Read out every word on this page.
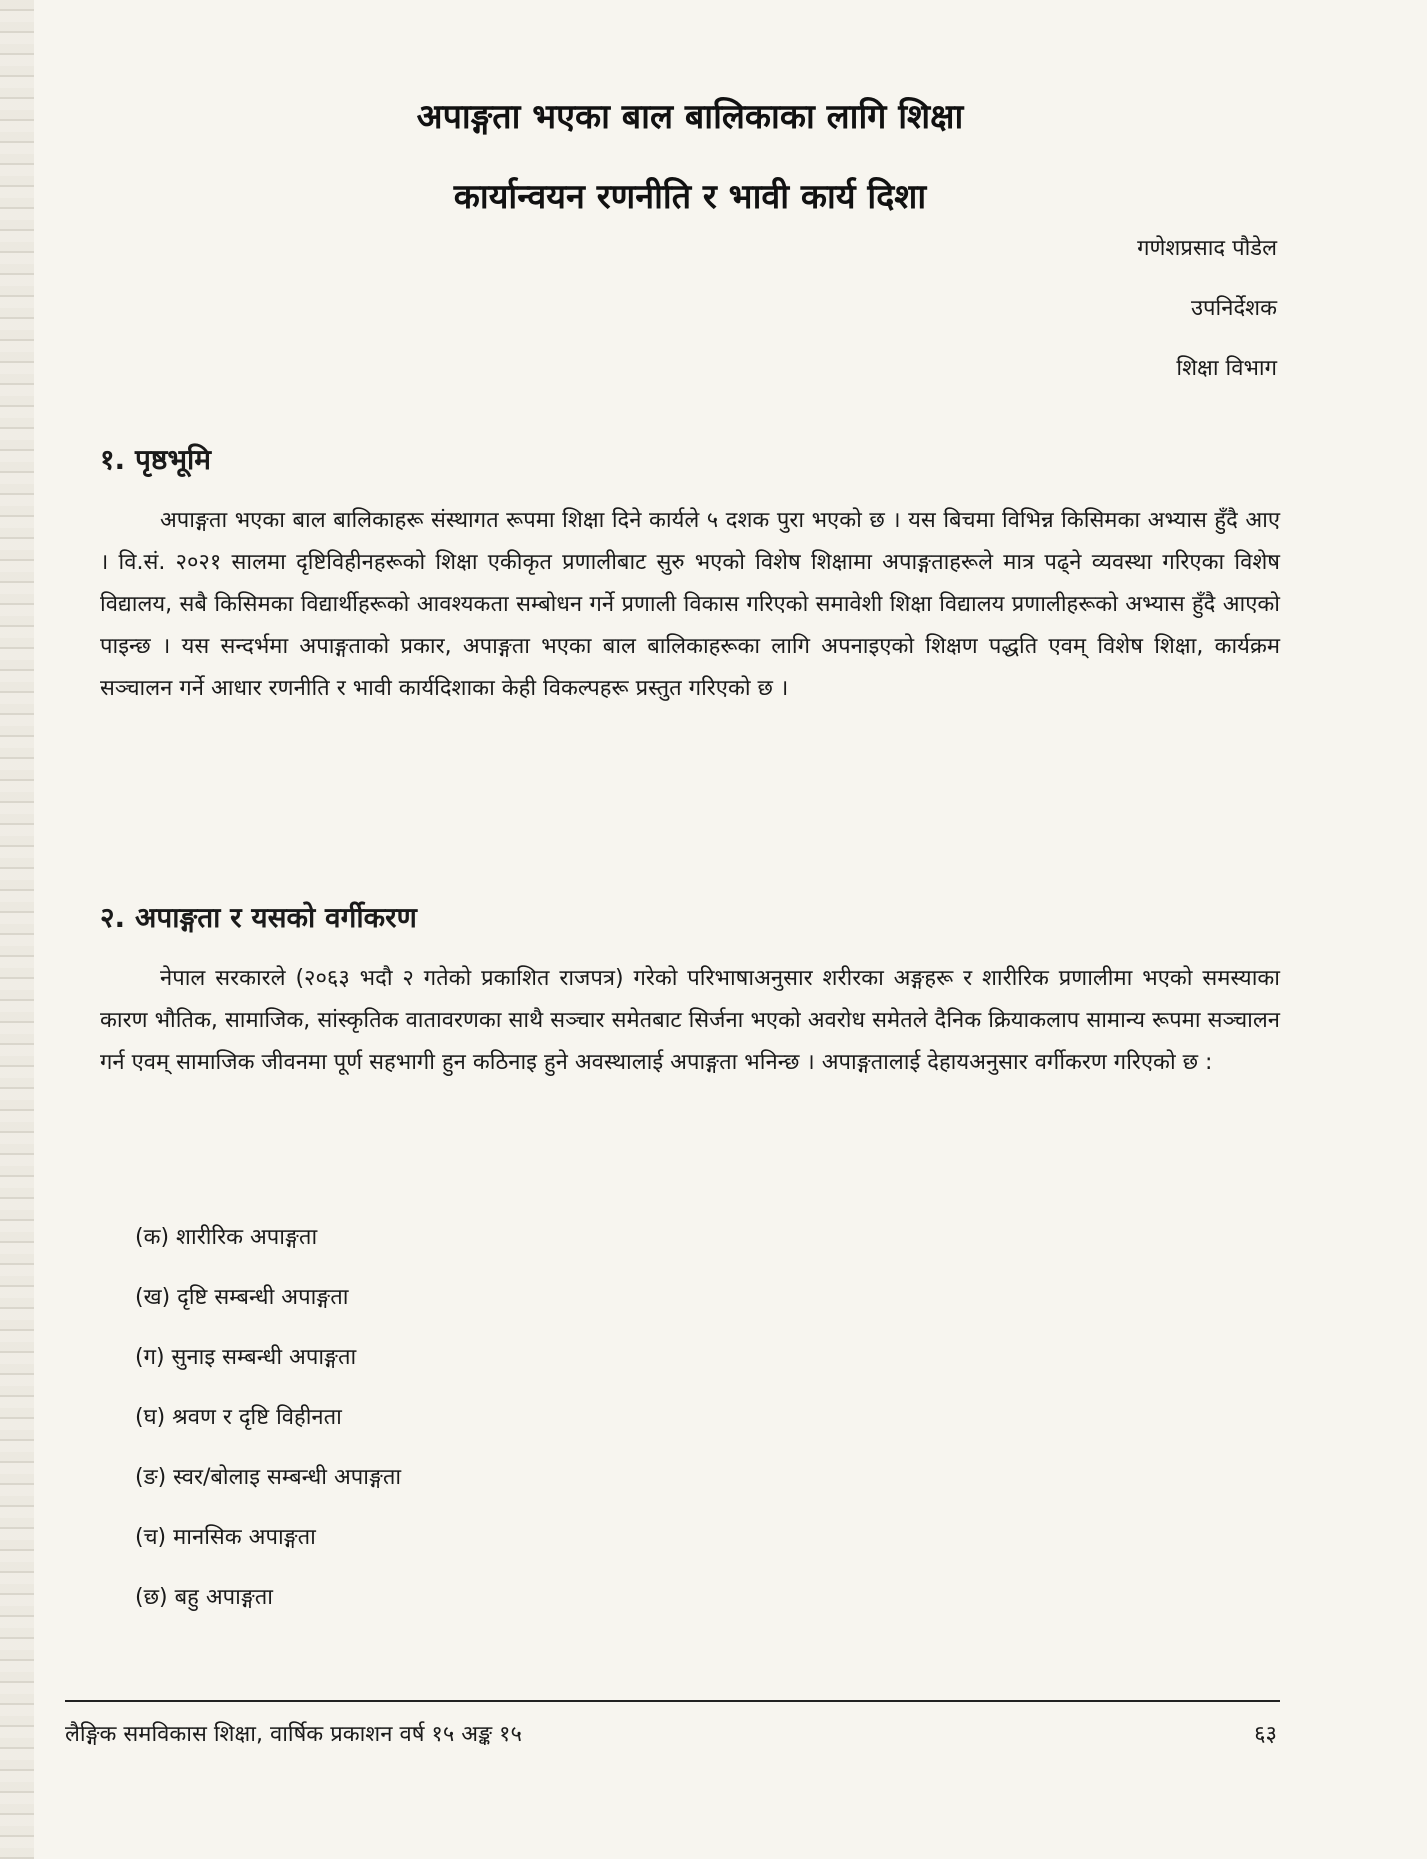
अपाङ्गता भएका बाल बालिकाका लागि शिक्षा
कार्यान्वयन रणनीति र भावी कार्य दिशा
गणेशप्रसाद पौडेल
उपनिर्देशक
शिक्षा विभाग
१. पृष्ठभूमि

अपाङ्गता भएका बाल बालिकाहरू संस्थागत रूपमा शिक्षा दिने कार्यले ५ दशक पुरा भएको छ । यस बिचमा विभिन्न किसिमका अभ्यास हुँदै आए । वि.सं. २०२१ सालमा दृष्टिविहीनहरूको शिक्षा एकीकृत प्रणालीबाट सुरु भएको विशेष शिक्षामा अपाङ्गताहरूले मात्र पढ्ने व्यवस्था गरिएका विशेष विद्यालय, सबै किसिमका विद्यार्थीहरूको आवश्यकता सम्बोधन गर्ने प्रणाली विकास गरिएको समावेशी शिक्षा विद्यालय प्रणालीहरूको अभ्यास हुँदै आएको पाइन्छ । यस सन्दर्भमा अपाङ्गताको प्रकार, अपाङ्गता भएका बाल बालिकाहरूका लागि अपनाइएको शिक्षण पद्धति एवम् विशेष शिक्षा, कार्यक्रम सञ्चालन गर्ने आधार रणनीति र भावी कार्यदिशाका केही विकल्पहरू प्रस्तुत गरिएको छ ।

२. अपाङ्गता र यसको वर्गीकरण

नेपाल सरकारले (२०६३ भदौ २ गतेको प्रकाशित राजपत्र) गरेको परिभाषाअनुसार शरीरका अङ्गहरू र शारीरिक प्रणालीमा भएको समस्याका कारण भौतिक, सामाजिक, सांस्कृतिक वातावरणका साथै सञ्चार समेतबाट सिर्जना भएको अवरोध समेतले दैनिक क्रियाकलाप सामान्य रूपमा सञ्चालन गर्न एवम् सामाजिक जीवनमा पूर्ण सहभागी हुन कठिनाइ हुने अवस्थालाई अपाङ्गता भनिन्छ । अपाङ्गतालाई देहायअनुसार वर्गीकरण गरिएको छ :

(क) शारीरिक अपाङ्गता
(ख) दृष्टि सम्बन्धी अपाङ्गता
(ग) सुनाइ सम्बन्धी अपाङ्गता
(घ) श्रवण र दृष्टि विहीनता
(ङ) स्वर/बोलाइ सम्बन्धी अपाङ्गता
(च) मानसिक अपाङ्गता
(छ) बहु अपाङ्गता
लैङ्गिक समविकास शिक्षा, वार्षिक प्रकाशन वर्ष १५ अङ्क १५	६३
